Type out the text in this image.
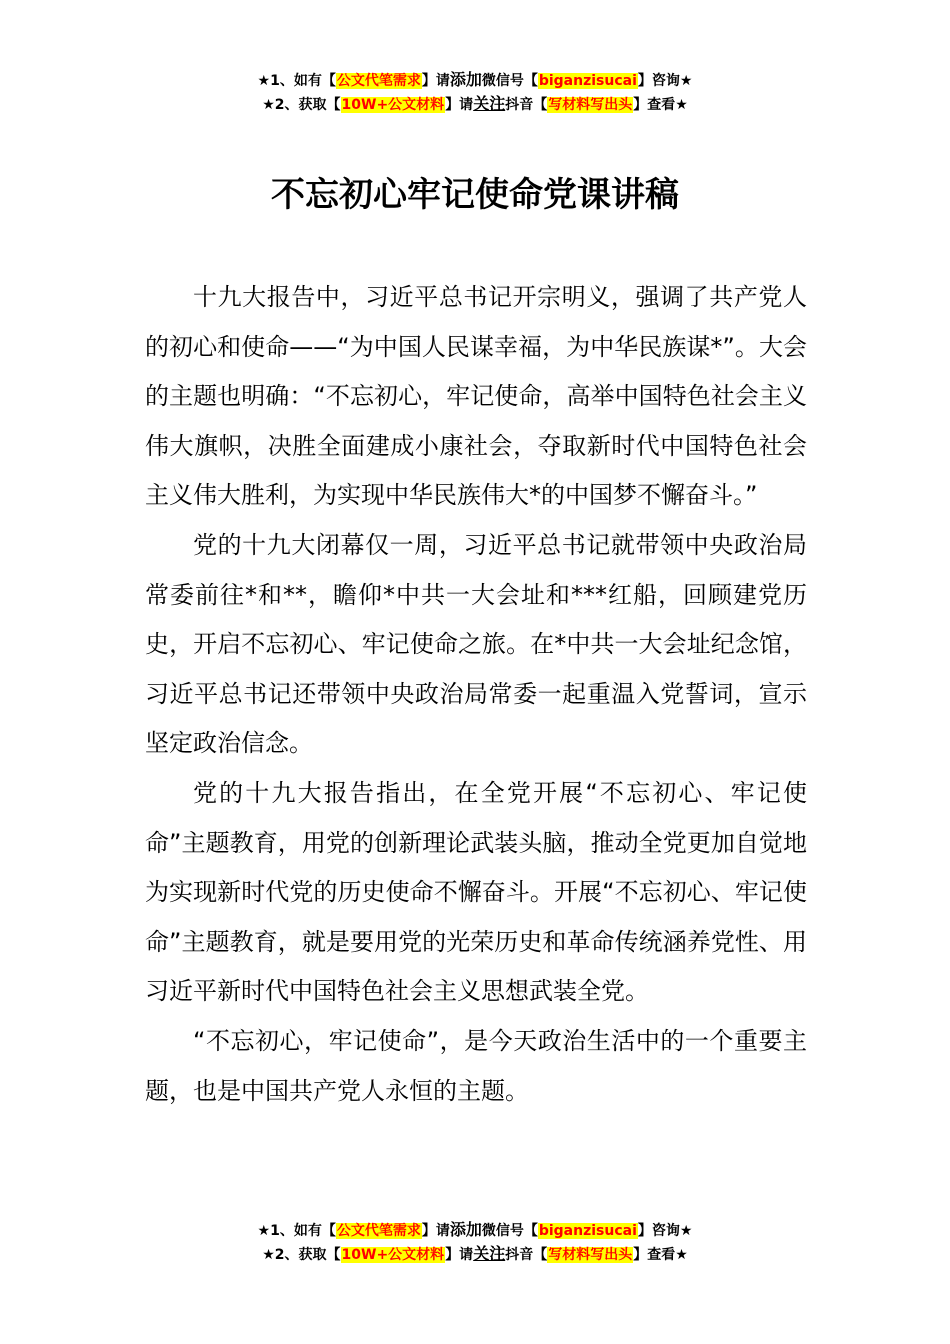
★1、如有【公文代笔需求】请添加微信号【biganzisucai】咨询★
★2、获取【10W+公文材料】请关注抖音【写材料写出头】查看★
不忘初心牢记使命党课讲稿

十九大报告中，习近平总书记开宗明义，强调了共产党人的初心和使命——“为中国人民谋幸福，为中华民族谋*”。大会的主题也明确：“不忘初心，牢记使命，高举中国特色社会主义伟大旗帜，决胜全面建成小康社会，夺取新时代中国特色社会主义伟大胜利，为实现中华民族伟大*的中国梦不懈奋斗。”

党的十九大闭幕仅一周，习近平总书记就带领中央政治局常委前往*和**，瞻仰*中共一大会址和***红船，回顾建党历史，开启不忘初心、牢记使命之旅。在*中共一大会址纪念馆，习近平总书记还带领中央政治局常委一起重温入党誓词，宣示坚定政治信念。

党的十九大报告指出，在全党开展“不忘初心、牢记使命”主题教育，用党的创新理论武装头脑，推动全党更加自觉地为实现新时代党的历史使命不懈奋斗。开展“不忘初心、牢记使命”主题教育，就是要用党的光荣历史和革命传统涵养党性、用习近平新时代中国特色社会主义思想武装全党。

“不忘初心，牢记使命”，是今天政治生活中的一个重要主题，也是中国共产党人永恒的主题。

★1、如有【公文代笔需求】请添加微信号【biganzisucai】咨询★
★2、获取【10W+公文材料】请关注抖音【写材料写出头】查看★
